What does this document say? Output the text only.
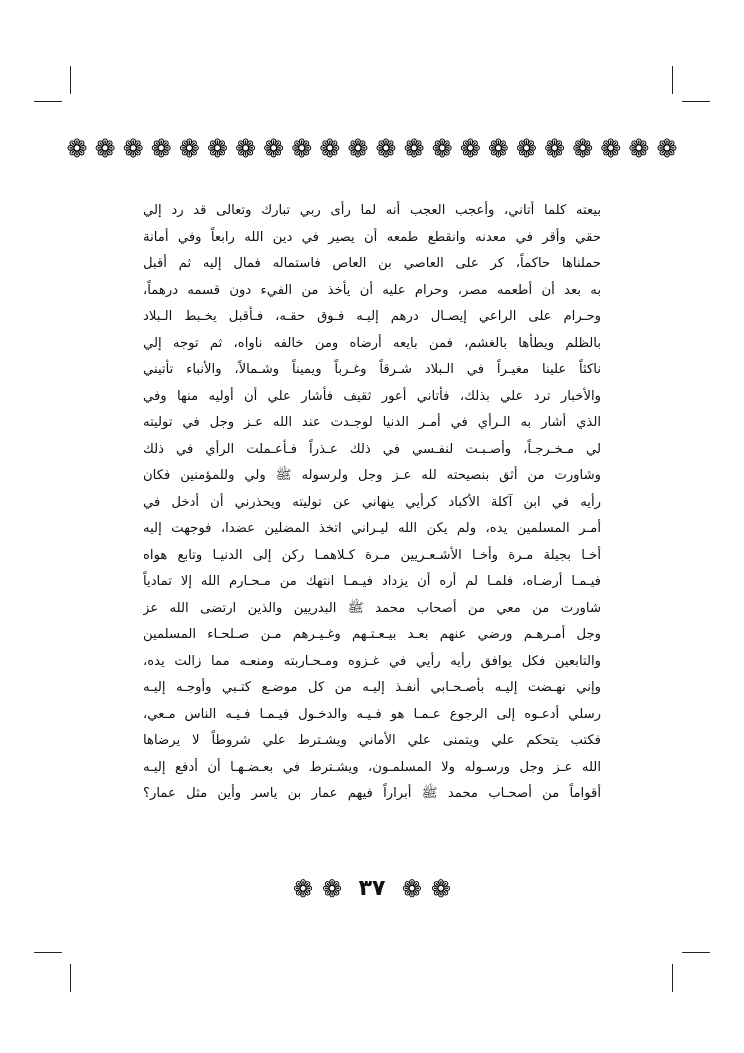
❁ ❁ ❁ ❁ ❁ ❁ ❁ ❁ ❁ ❁ ❁ ❁ ❁ ❁ ❁ ❁ ❁ ❁ ❁ ❁ ❁ ❁
بيعته كلما أتاني، وأعجب العجب أنه لما رأى ربي تبارك وتعالى قد رد إلي
حقي وأقر في معدنه وانقطع طمعه أن يصير في دين الله رابعاً وفي أمانة
حملناها حاكماً، كر على العاصي بن العاص فاستماله فمال إليه ثم أقبل
به بعد أن أطعمه مصر، وحرام عليه أن يأخذ من الفيء دون قسمه درهماً،
وحـرام على الراعي إيصـال درهم إليـه فـوق حقـه، فـأقبل يخـبط الـبلاد
بالظلم ويطأها بالغشم، فمن بايعه أرضاه ومن خالفه ناواه، ثم توجه إلي
ناكثاً علينا مغيـراً في الـبلاد شـرقاً وغـرباً ويميناً وشـمالاً، والأنباء تأتيني
والأخبار ترد علي بذلك، فأتاني أعور ثقيف فأشار علي أن أوليه منها وفي
الذي أشار به الـرأي في أمـر الدنيا لوجـدت عند الله عـز وجل في توليته
لي مـخـرجـاً، وأصـبـت لنفـسي في ذلك عـذراً فـأعـملت الرأي في ذلك
وشاورت من أثق بنصيحته لله عـز وجل ولرسوله ﷺ ولي وللمؤمنين فكان
رأيه في ابن آكلة الأكباد كرأيي ينهاني عن توليته ويحذرني أن أدخل في
أمـر المسلمين يده، ولم يكن الله ليـراني اتخذ المضلين عضدا، فوجهت إليه
أخـا بجيلة مـرة وأخـا الأشـعـريين مـرة كـلاهمـا ركن إلى الدنيـا وتابع هواه
فيـمـا أرضـاه، فلمـا لم أره أن يزداد فيـمـا انتهك من مـحـارم الله إلا تمادياً
شاورت من معي من أصحاب محمد ﷺ البدريين والذين ارتضى الله عز
وجل أمـرهـم ورضي عنهم بعـد بيـعـتـهم وغـيـرهم مـن صـلحـاء المسلمين
والتابعين فكل يوافق رأيه رأيي في غـزوه ومـحـاربته ومنعـه مما زالت يده،
وإني نهـضت إليـه بأصـحـابي أنفـذ إليـه من كل موضـع كتـبي وأوجـه إليـه
رسلي أدعـوه إلى الرجوع عـمـا هو فـيـه والدخـول فيـمـا فـيـه الناس مـعي،
فكتب يتحكم علي ويتمنى علي الأماني ويشـترط علي شروطاً لا يرضاها
الله عـز وجل ورسـوله ولا المسلمـون، ويشـترط في بعـضـهـا أن أدفع إليـه
أقواماً من أصحـاب محمد ﷺ أبراراً فيهم عمار بن ياسر وأين مثل عمار؟
❁ ❁ ٣٧ ❁ ❁
